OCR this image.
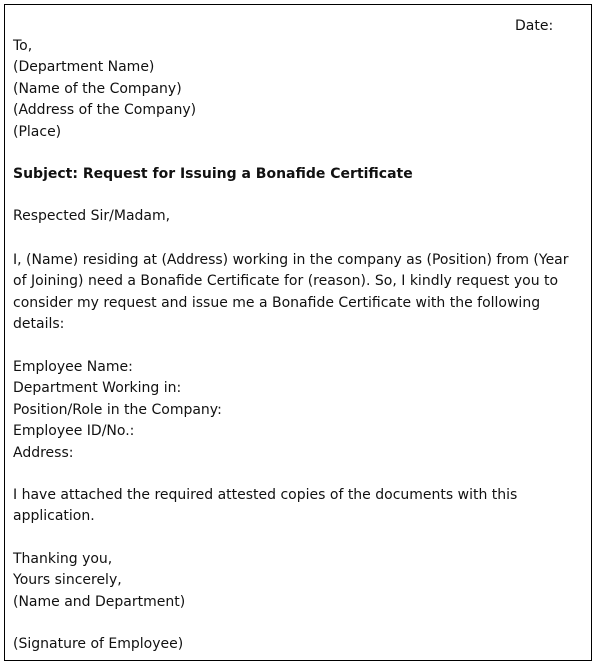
Date:
To,
(Department Name)
(Name of the Company)
(Address of the Company)
(Place)
Subject: Request for Issuing a Bonafide Certificate
Respected Sir/Madam,
I, (Name) residing at (Address) working in the company as (Position) from (Year
of Joining) need a Bonafide Certificate for (reason). So, I kindly request you to
consider my request and issue me a Bonafide Certificate with the following
details:
Employee Name:
Department Working in:
Position/Role in the Company:
Employee ID/No.:
Address:
I have attached the required attested copies of the documents with this
application.
Thanking you,
Yours sincerely,
(Name and Department)
(Signature of Employee)
